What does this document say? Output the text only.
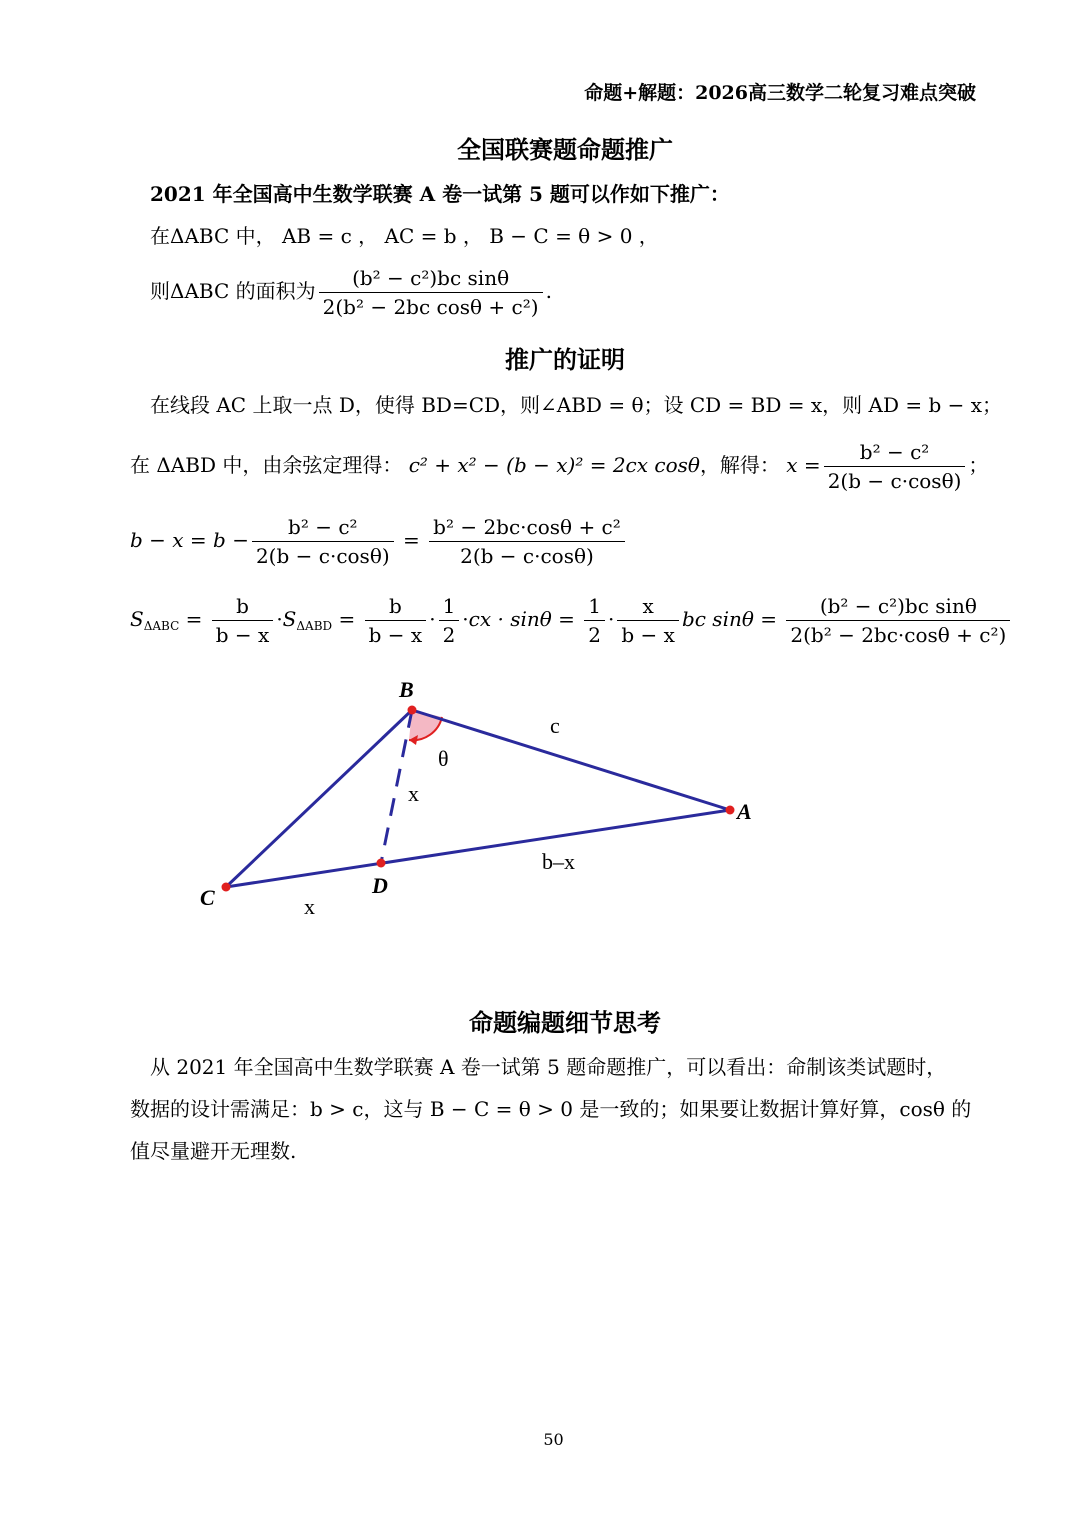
命题+解题：2026高三数学二轮复习难点突破
全国联赛题命题推广
2021 年全国高中生数学联赛 A 卷一试第 5 题可以作如下推广：
在ΔABC 中， AB = c ， AC = b ， B − C = θ > 0 ，
则ΔABC 的面积为 $\frac{\text{(b² − c²)bc sinθ}}{\text{2(b² − 2bc cosθ + c²)}}$ .
推广的证明
在线段 AC 上取一点 D，使得 BD=CD，则∠ABD = θ；设 CD = BD = x，则 AD = b − x；
在 ΔABD 中，由余弦定理得： c² + x² − (b − x)² = 2cx cosθ，解得： $x = \frac{\text{b² − c²}}{2(b - c\cdot\cos\theta)}$ ；
$b - x = b - \frac{\text{b² − c²}}{2(b - c\cdot\cos\theta)} = \frac{\text{b² − 2bc·cosθ + c²}}{2(b - c\cdot\cos\theta)}$
$S_{\Delta ABC} = \frac{b}{b - x} \cdot S_{\Delta ABD} = \frac{b}{b - x} \cdot \frac{1}{2} \cdot cx \cdot \sin\theta = \frac{1}{2} \cdot \frac{x}{b - x}$ bc $\sin\theta = \frac{\text{(b² − c²)bc sinθ}}{\text{2(b² − 2bc·cosθ + c²)}}$
B
A
C	D
c
θ
x
b–x
x
命题编题细节思考
从 2021 年全国高中生数学联赛 A 卷一试第 5 题命题推广，可以看出：命制该类试题时，
数据的设计需满足：b > c，这与 B − C = θ > 0 是一致的；如果要让数据计算好算，cosθ 的
值尽量避开无理数.
50
